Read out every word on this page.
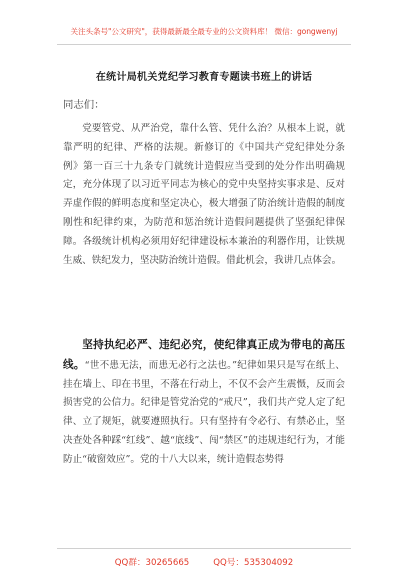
关注头条号"公文研究"，获得最新最全最专业的公文资料库！ 微信：gongwenyj
在统计局机关党纪学习教育专题读书班上的讲话
同志们：

党要管党、从严治党，靠什么管、凭什么治？从根本上说，就靠严明的纪律、严格的法规。新修订的《中国共产党纪律处分条例》第一百三十九条专门就统计造假应当受到的处分作出明确规定，充分体现了以习近平同志为核心的党中央坚持实事求是、反对弄虚作假的鲜明态度和坚定决心，极大增强了防治统计造假的制度刚性和纪律约束，为防范和惩治统计造假问题提供了坚强纪律保障。各级统计机构必须用好纪律建设标本兼治的利器作用，让铁规生威、铁纪发力，坚决防治统计造假。借此机会，我讲几点体会。

坚持执纪必严、违纪必究，使纪律真正成为带电的高压线。“世不患无法，而患无必行之法也。”纪律如果只是写在纸上、挂在墙上、印在书里，不落在行动上，不仅不会产生震慑，反而会损害党的公信力。纪律是管党治党的“戒尺”，我们共产党人定了纪律、立了规矩，就要遵照执行。只有坚持有令必行、有禁必止，坚决查处各种踩“红线”、越“底线”、闯“禁区”的违规违纪行为，才能防止“破窗效应”。党的十八大以来，统计造假态势得

QQ群：30265665	QQ号：535304092
